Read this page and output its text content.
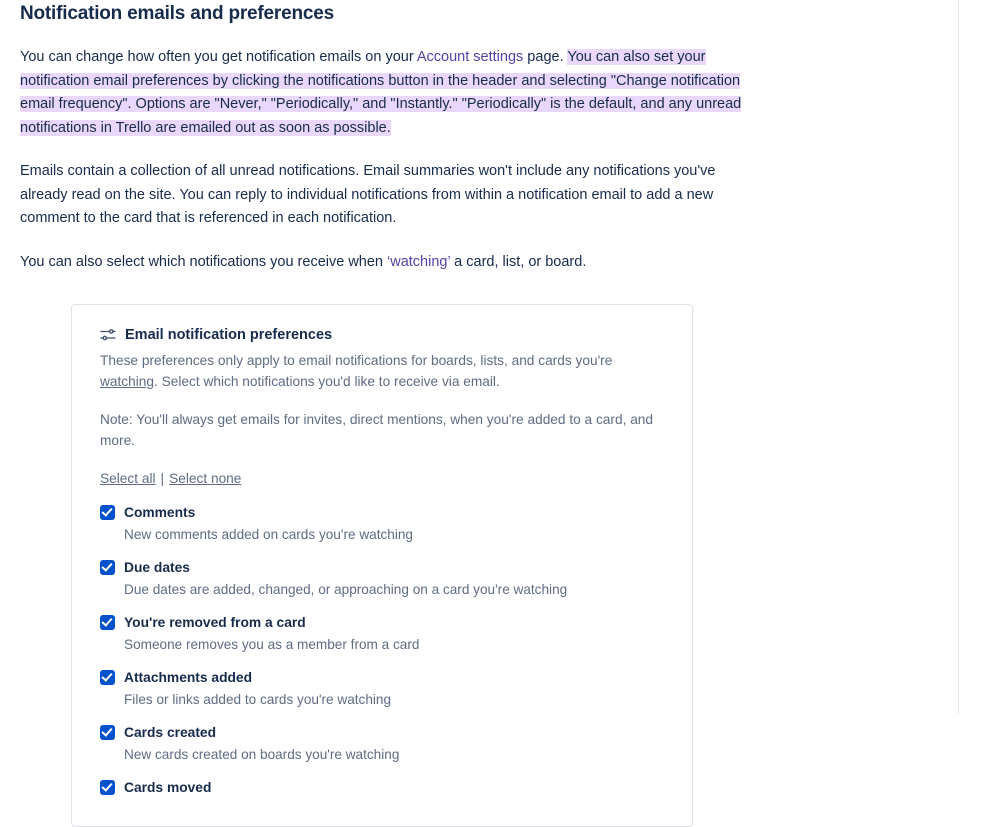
Notification emails and preferences

You can change how often you get notification emails on your Account settings page. You can also set your notification email preferences by clicking the notifications button in the header and selecting "Change notification email frequency". Options are "Never," "Periodically," and "Instantly." "Periodically" is the default, and any unread notifications in Trello are emailed out as soon as possible.

Emails contain a collection of all unread notifications. Email summaries won't include any notifications you've already read on the site. You can reply to individual notifications from within a notification email to add a new comment to the card that is referenced in each notification.

You can also select which notifications you receive when ‘watching’ a card, list, or board.

Email notification preferences

These preferences only apply to email notifications for boards, lists, and cards you're watching. Select which notifications you'd like to receive via email.

Note: You'll always get emails for invites, direct mentions, when you're added to a card, and more.

Select all | Select none
Comments
New comments added on cards you're watching
Due dates
Due dates are added, changed, or approaching on a card you're watching
You're removed from a card
Someone removes you as a member from a card
Attachments added
Files or links added to cards you're watching
Cards created
New cards created on boards you're watching
Cards moved
